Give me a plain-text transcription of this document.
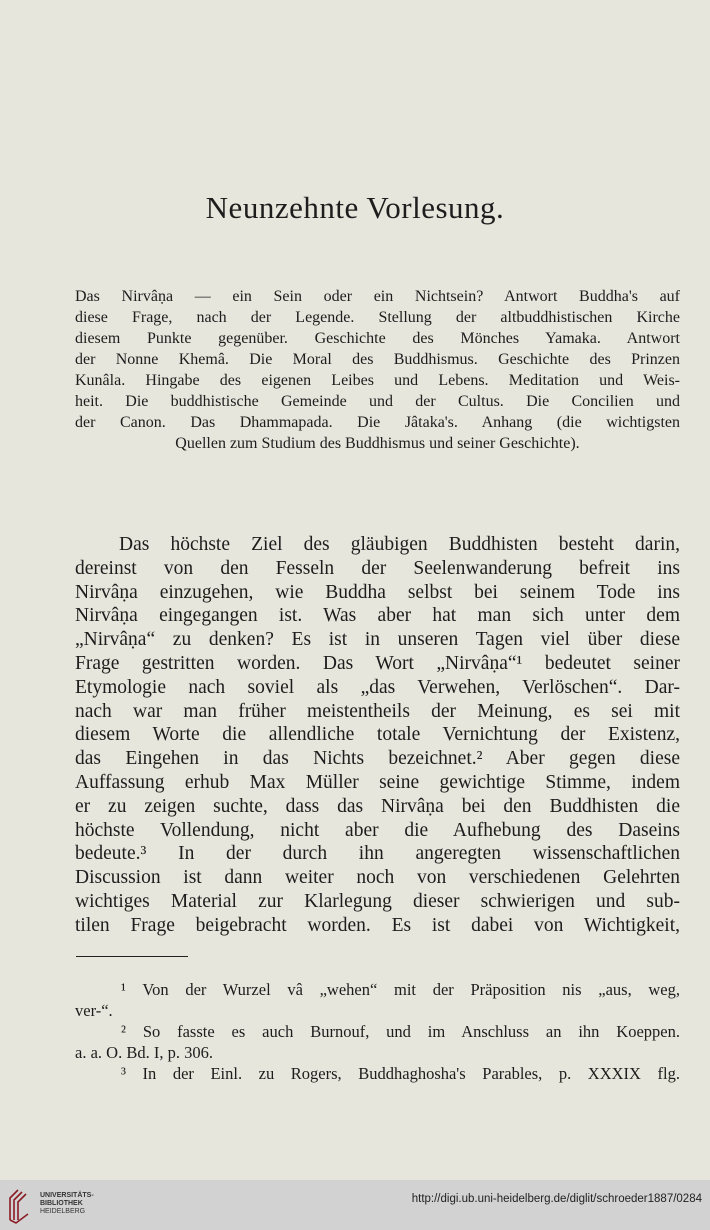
Neunzehnte Vorlesung.
Das Nirvâṇa — ein Sein oder ein Nichtsein? Antwort Buddha's auf
diese Frage, nach der Legende. Stellung der altbuddhistischen Kirche
diesem Punkte gegenüber. Geschichte des Mönches Yamaka. Antwort
der Nonne Khemâ. Die Moral des Buddhismus. Geschichte des Prinzen
Kunâla. Hingabe des eigenen Leibes und Lebens. Meditation und Weis-
heit. Die buddhistische Gemeinde und der Cultus. Die Concilien und
der Canon. Das Dhammapada. Die Jâtaka's. Anhang (die wichtigsten
Quellen zum Studium des Buddhismus und seiner Geschichte).
Das höchste Ziel des gläubigen Buddhisten besteht darin,
dereinst von den Fesseln der Seelenwanderung befreit ins
Nirvâṇa einzugehen, wie Buddha selbst bei seinem Tode ins
Nirvâṇa eingegangen ist. Was aber hat man sich unter dem
„Nirvâṇa“ zu denken? Es ist in unseren Tagen viel über diese
Frage gestritten worden. Das Wort „Nirvâṇa“¹ bedeutet seiner
Etymologie nach soviel als „das Verwehen, Verlöschen“. Dar-
nach war man früher meistentheils der Meinung, es sei mit
diesem Worte die allendliche totale Vernichtung der Existenz,
das Eingehen in das Nichts bezeichnet.² Aber gegen diese
Auffassung erhub Max Müller seine gewichtige Stimme, indem
er zu zeigen suchte, dass das Nirvâṇa bei den Buddhisten die
höchste Vollendung, nicht aber die Aufhebung des Daseins
bedeute.³ In der durch ihn angeregten wissenschaftlichen
Discussion ist dann weiter noch von verschiedenen Gelehrten
wichtiges Material zur Klarlegung dieser schwierigen und sub-
tilen Frage beigebracht worden. Es ist dabei von Wichtigkeit,
¹ Von der Wurzel vâ „wehen“ mit der Präposition nis „aus, weg,
ver-“.
² So fasste es auch Burnouf, und im Anschluss an ihn Koeppen.
a. a. O. Bd. I, p. 306.
³ In der Einl. zu Rogers, Buddhaghosha's Parables, p. XXXIX flg.
UNIVERSITÄTS-
BIBLIOTHEK
HEIDELBERG
http://digi.ub.uni-heidelberg.de/diglit/schroeder1887/0284
